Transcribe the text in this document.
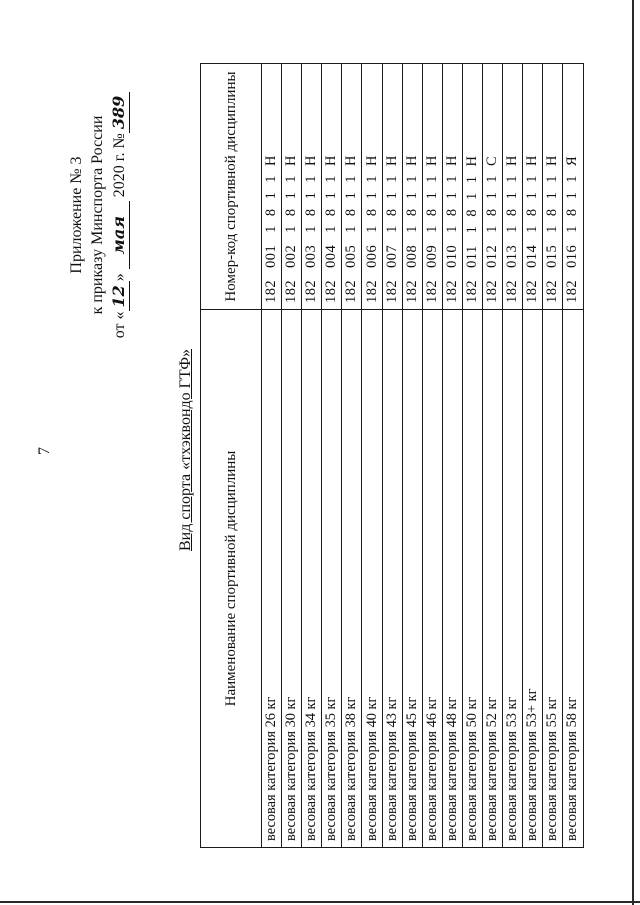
7
Приложение № 3 к приказу Минспорта России
от «12» мая 2020 г. №389
Вид спорта «тхэквондо ГТФ»
Наименование спортивной дисциплины	Номер-код спортивной дисциплины
весовая категория 26 кг	1820011811Н
весовая категория 30 кг	1820021811Н
весовая категория 34 кг	1820031811Н
весовая категория 35 кг	1820041811Н
весовая категория 38 кг	1820051811Н
весовая категория 40 кг	1820061811Н
весовая категория 43 кг	1820071811Н
весовая категория 45 кг	1820081811Н
весовая категория 46 кг	1820091811Н
весовая категория 48 кг	1820101811Н
весовая категория 50 кг	1820111811Н
весовая категория 52 кг	1820121811С
весовая категория 53 кг	1820131811Н
весовая категория 53+ кг	1820141811Н
весовая категория 55 кг	1820151811Н
весовая категория 58 кг	1820161811Я
